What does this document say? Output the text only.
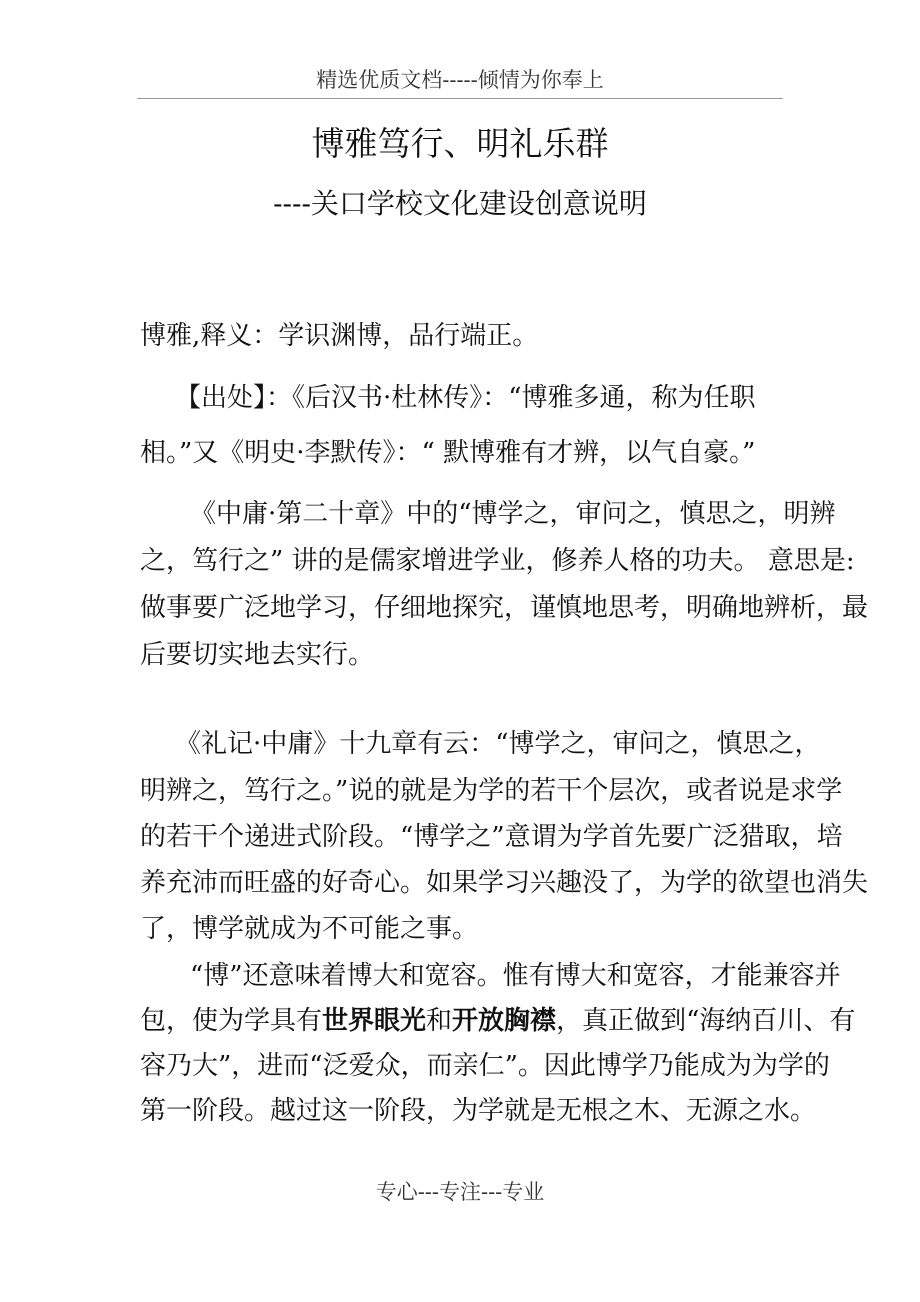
精选优质文档-----倾情为你奉上
博雅笃行、明礼乐群
----关口学校文化建设创意说明
博雅,释义：学识渊博，品行端正。
【出处】：《后汉书·杜林传》：“博雅多通，称为任职
相。”又《明史·李默传》：“ 默博雅有才辨，以气自豪。”
《中庸·第二十章》中的“博学之，审问之，慎思之，明辨
之，笃行之” 讲的是儒家增进学业，修养人格的功夫。 意思是:
做事要广泛地学习，仔细地探究，谨慎地思考，明确地辨析，最
后要切实地去实行。
《礼记·中庸》十九章有云：“博学之，审问之，慎思之，
明辨之，笃行之。”说的就是为学的若干个层次，或者说是求学
的若干个递进式阶段。“博学之”意谓为学首先要广泛猎取，培
养充沛而旺盛的好奇心。如果学习兴趣没了，为学的欲望也消失
了，博学就成为不可能之事。
“博”还意味着博大和宽容。惟有博大和宽容，才能兼容并
包，使为学具有世界眼光和开放胸襟，真正做到“海纳百川、有
容乃大”，进而“泛爱众，而亲仁”。因此博学乃能成为为学的
第一阶段。越过这一阶段，为学就是无根之木、无源之水。
专心---专注---专业
